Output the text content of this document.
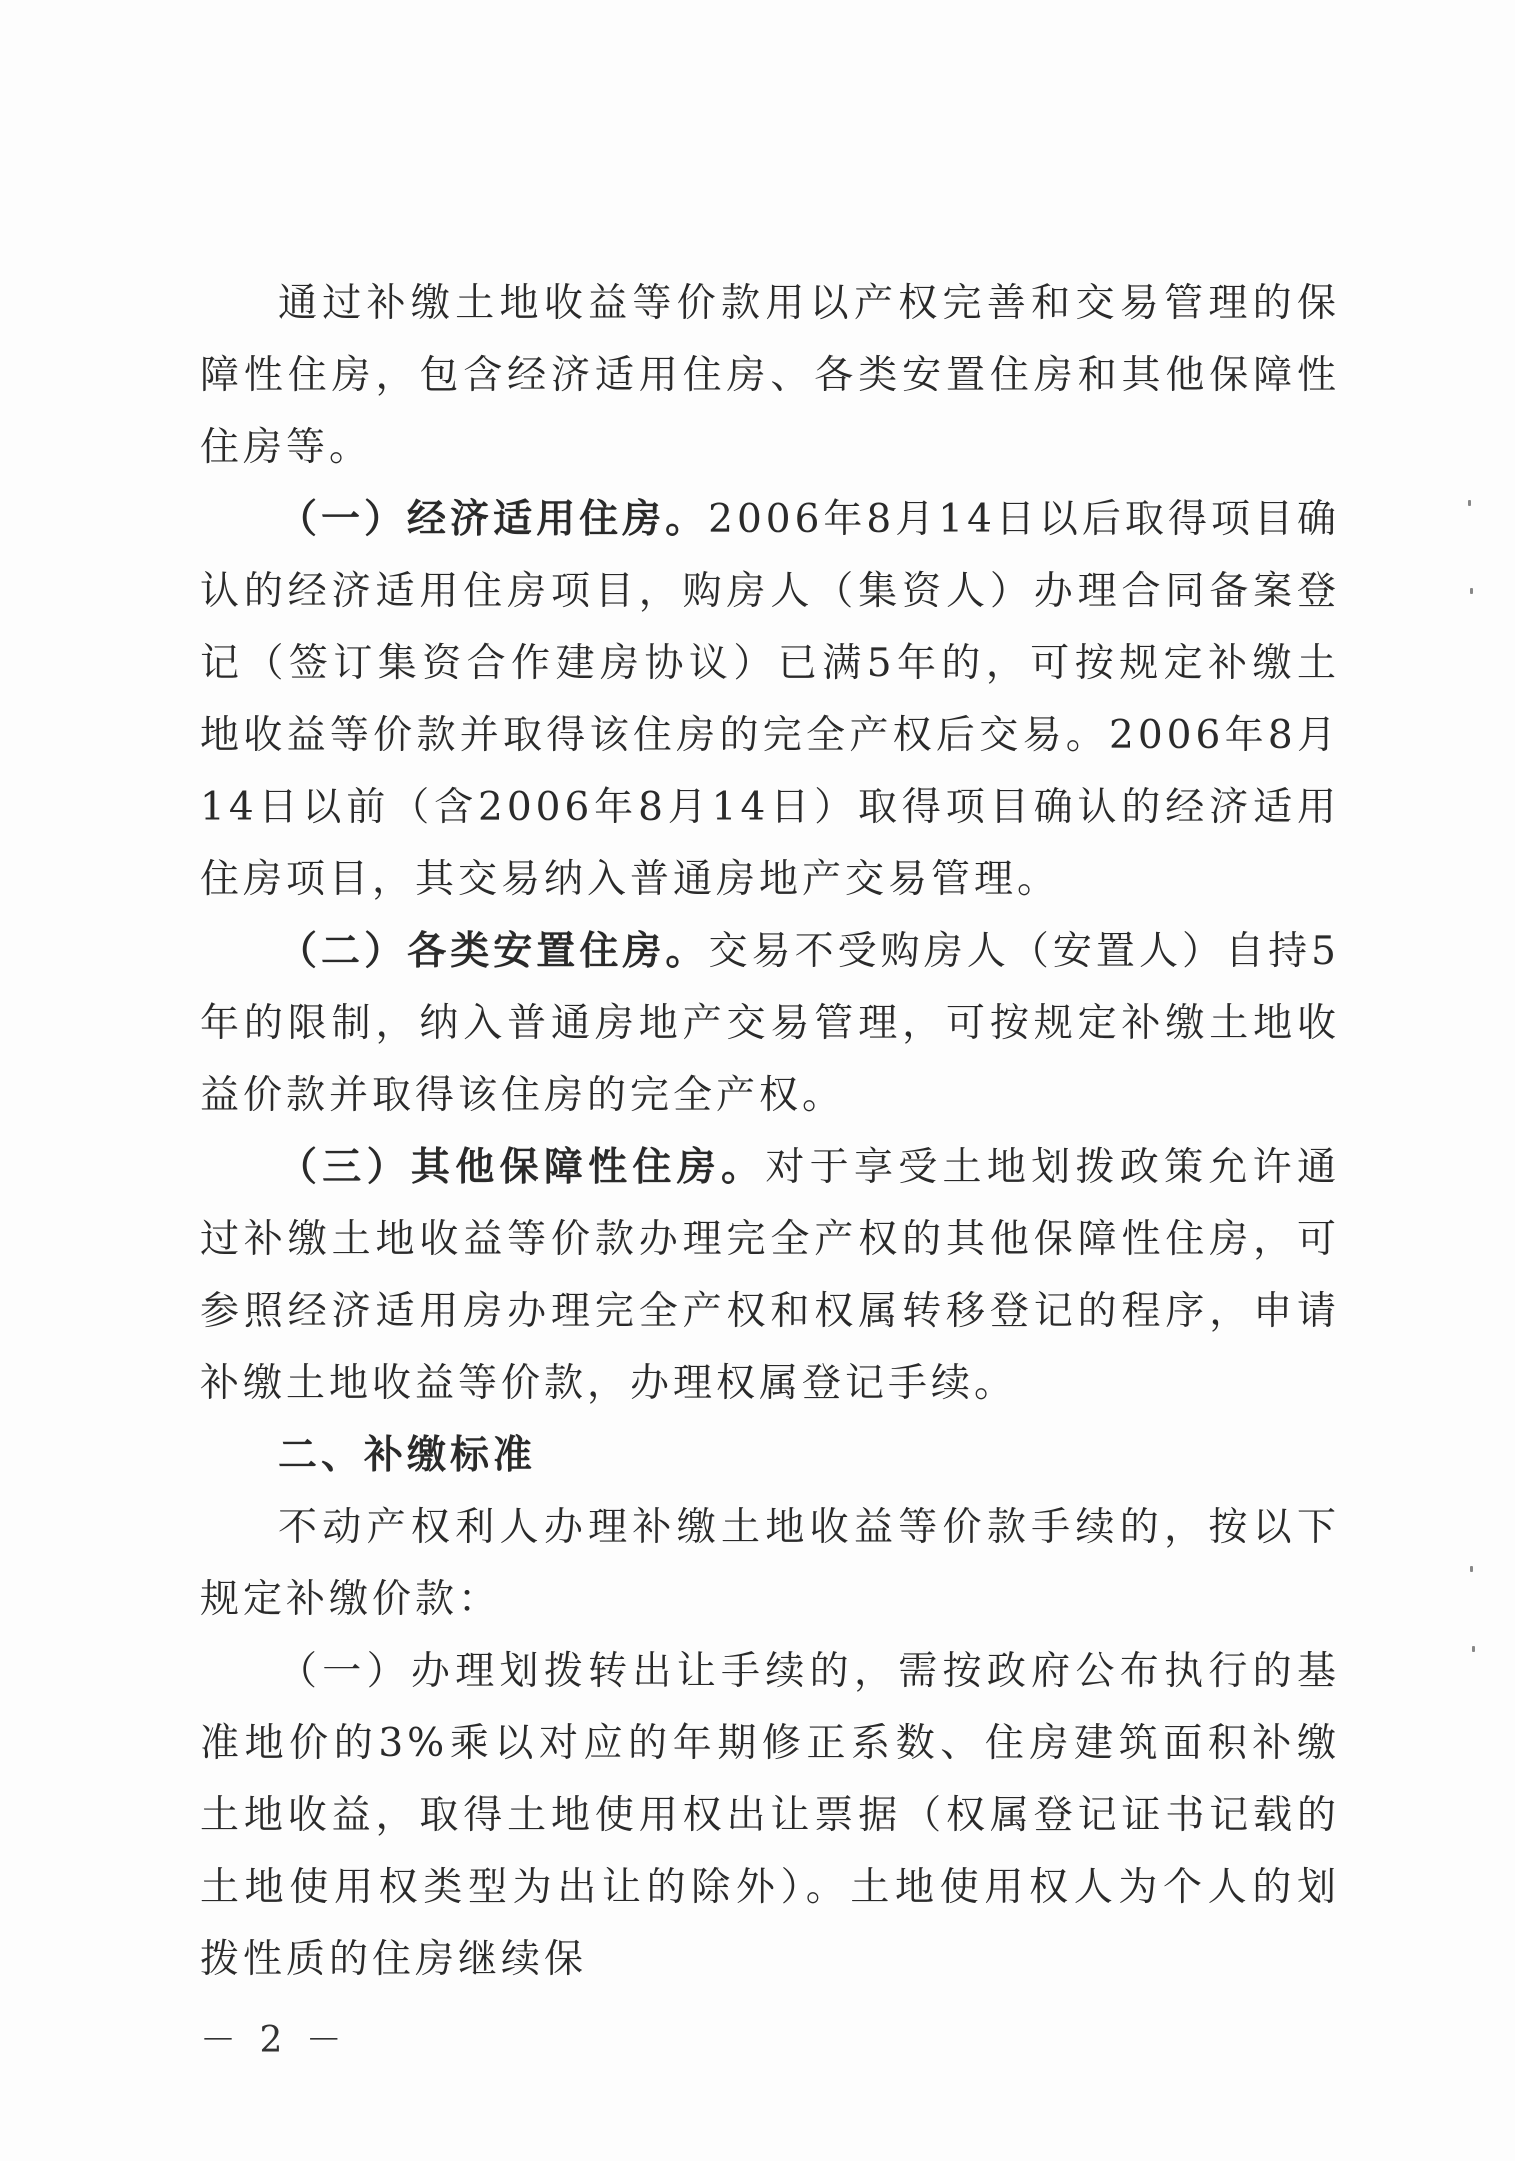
通过补缴土地收益等价款用以产权完善和交易管理的保障性住房，包含经济适用住房、各类安置住房和其他保障性住房等。

（一）经济适用住房。2006年8月14日以后取得项目确认的经济适用住房项目，购房人（集资人）办理合同备案登记（签订集资合作建房协议）已满5年的，可按规定补缴土地收益等价款并取得该住房的完全产权后交易。2006年8月14日以前（含2006年8月14日）取得项目确认的经济适用住房项目，其交易纳入普通房地产交易管理。

（二）各类安置住房。交易不受购房人（安置人）自持5年的限制，纳入普通房地产交易管理，可按规定补缴土地收益价款并取得该住房的完全产权。

（三）其他保障性住房。对于享受土地划拨政策允许通过补缴土地收益等价款办理完全产权的其他保障性住房，可参照经济适用房办理完全产权和权属转移登记的程序，申请补缴土地收益等价款，办理权属登记手续。

二、补缴标准

不动产权利人办理补缴土地收益等价款手续的，按以下规定补缴价款：

（一）办理划拨转出让手续的，需按政府公布执行的基准地价的3%乘以对应的年期修正系数、住房建筑面积补缴土地收益，取得土地使用权出让票据（权属登记证书记载的土地使用权类型为出让的除外）。土地使用权人为个人的划拨性质的住房继续保

－ 2 －
